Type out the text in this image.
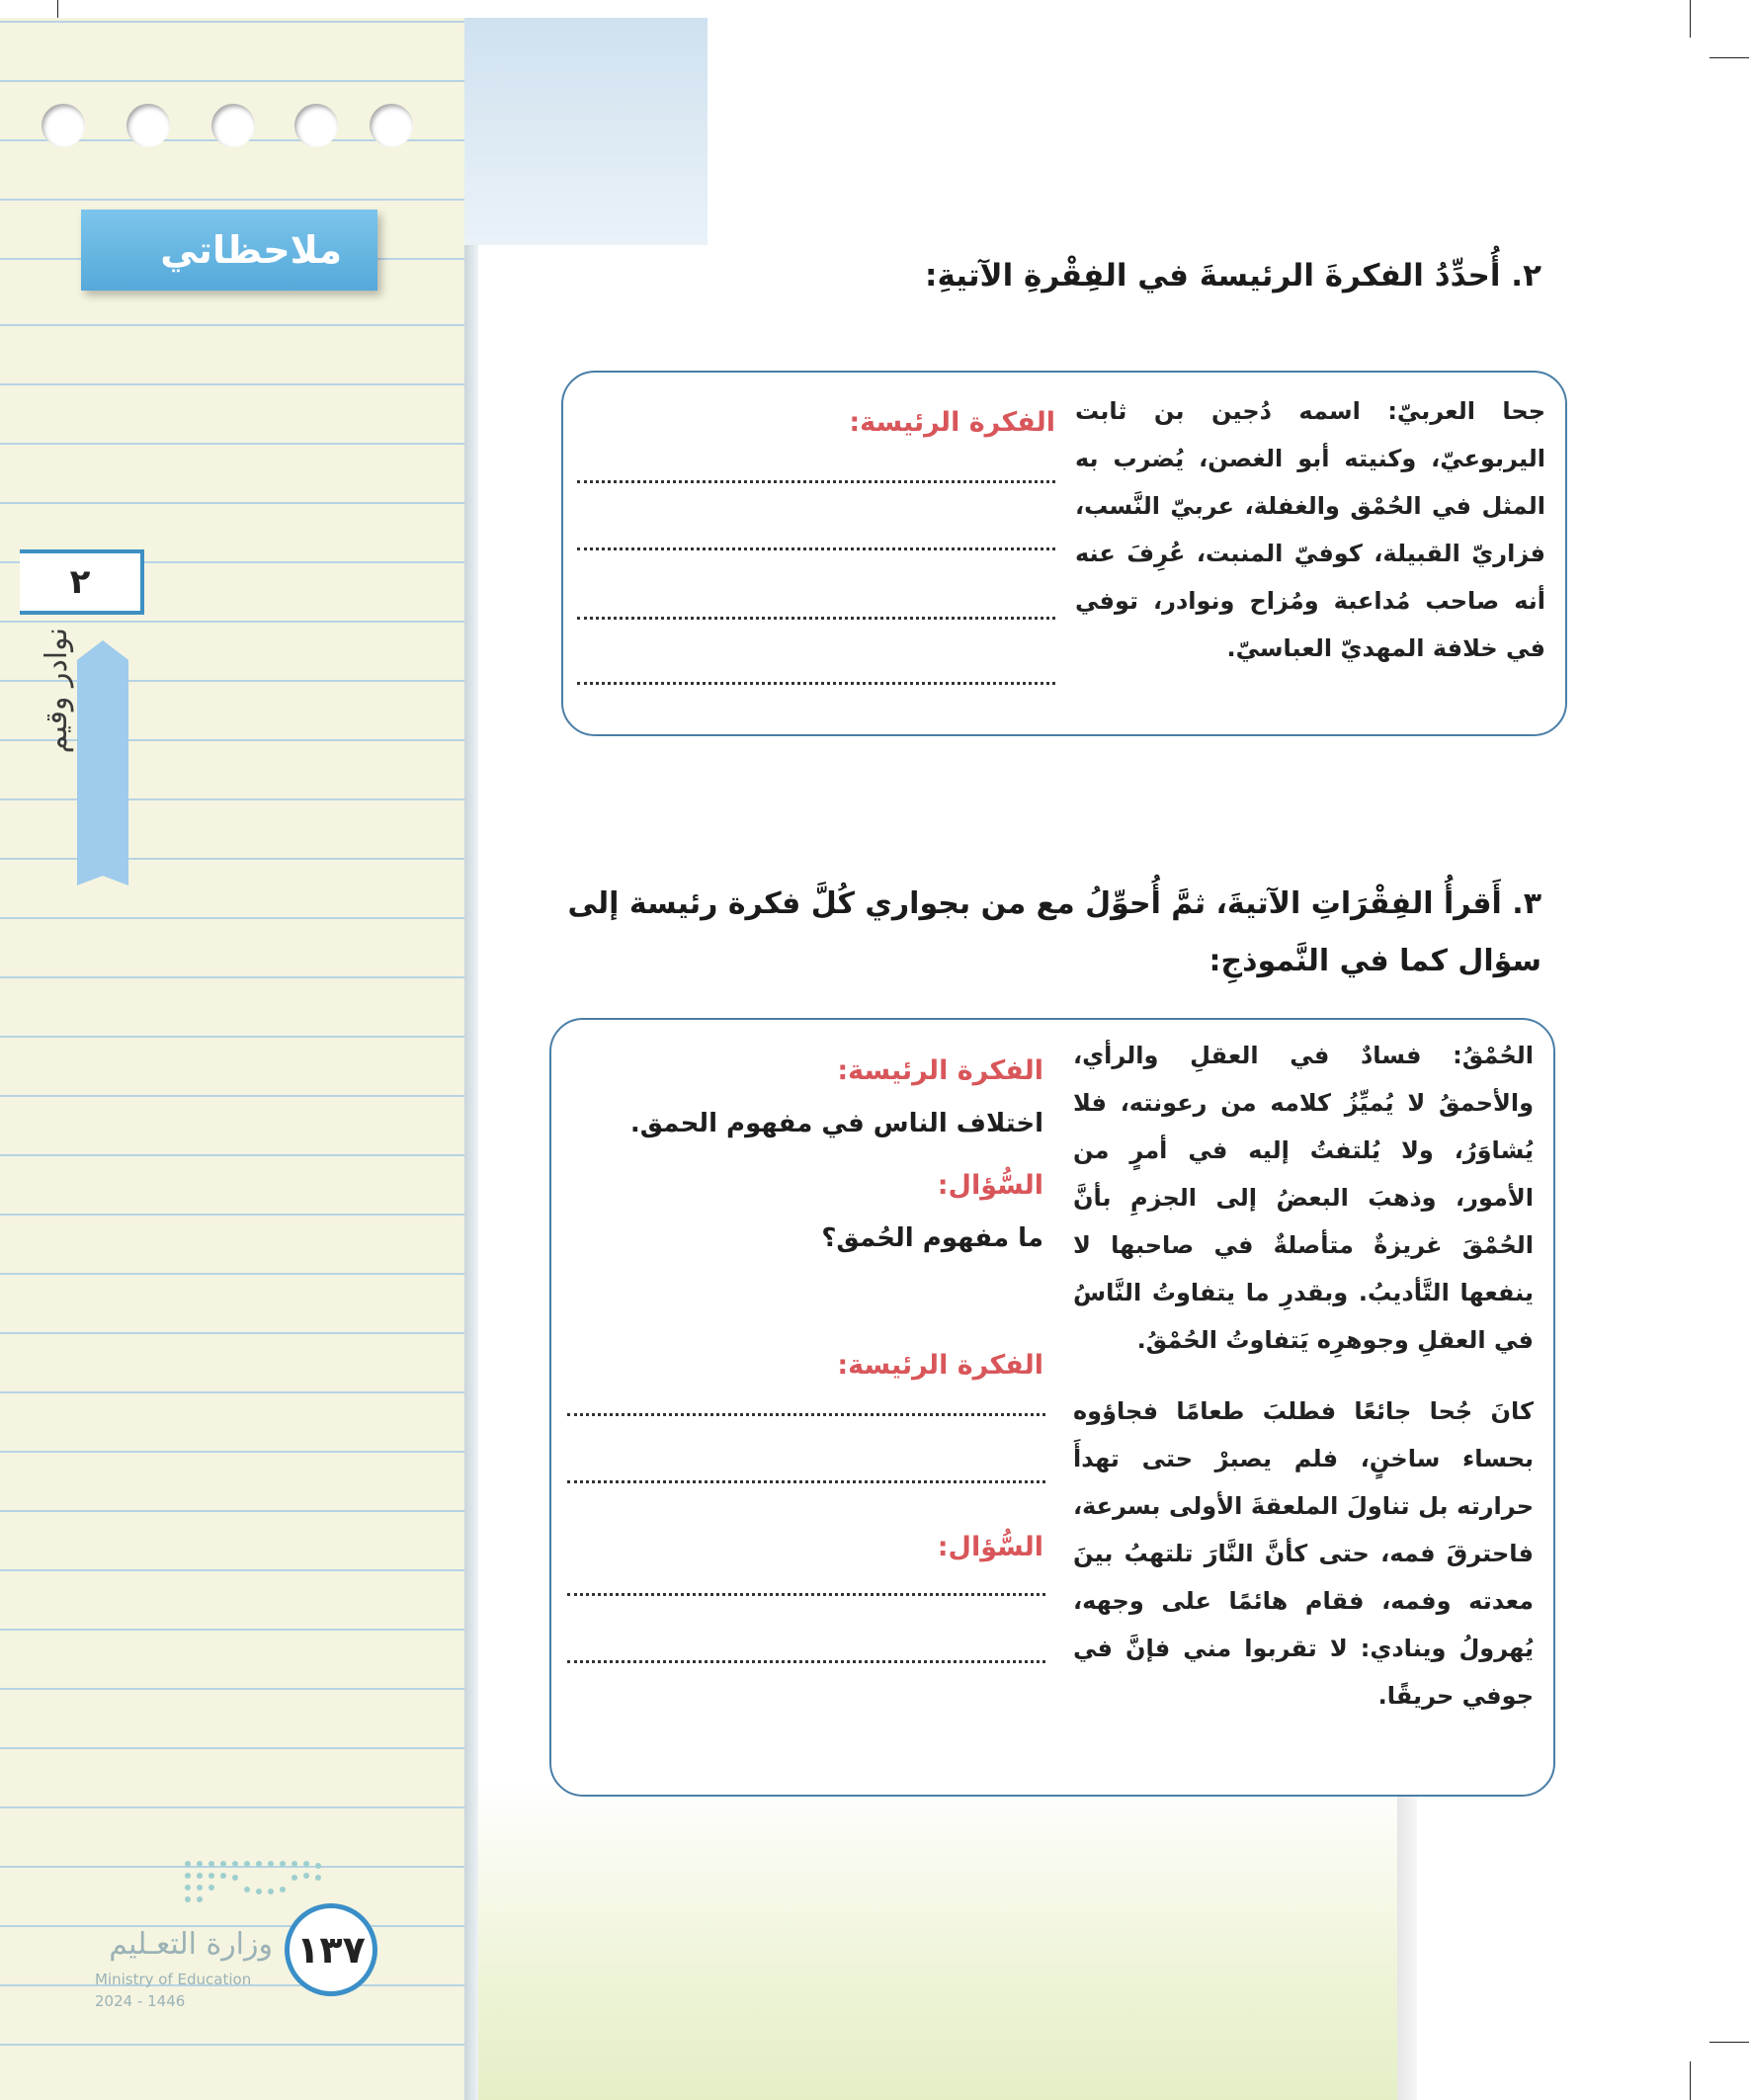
ملاحظاتي
٢
نوادر وقيم
٢. أُحدِّدُ الفكرةَ الرئيسةَ في الفِقْرةِ الآتيةِ:
جحا العربيّ: اسمه دُجين بن ثابت اليربوعيّ، وكنيته أبو الغصن، يُضرب به المثل في الحُمْق والغفلة، عربيّ النَّسب، فزاريّ القبيلة، كوفيّ المنبت، عُرِفَ عنه أنه صاحب مُداعبة ومُزاح ونوادر، توفي في خلافة المهديّ العباسيّ.
الفكرة الرئيسة:
٣. أَقرأُ الفِقْرَاتِ الآتيةَ، ثمَّ أُحوِّلُ مع من بجواري كُلَّ فكرة رئيسة إلى سؤال كما في النَّموذجِ:
الحُمْقُ: فسادٌ في العقلِ والرأي، والأحمقُ لا يُميِّزُ كلامه من رعونته، فلا يُشاوَرُ، ولا يُلتفتُ إليه في أمرٍ من الأمور، وذهبَ البعضُ إلى الجزمِ بأنَّ الحُمْقَ غريزةٌ متأصلةٌ في صاحبها لا ينفعها التَّأديبُ. وبقدرِ ما يتفاوتُ النَّاسُ في العقلِ وجوهرِه يَتفاوتُ الحُمْقُ.
كانَ جُحا جائعًا فطلبَ طعامًا فجاؤوه بحساء ساخنٍ، فلم يصبرْ حتى تهدأَ حرارته بل تناولَ الملعقةَ الأولى بسرعة، فاحترقَ فمه، حتى كأنَّ النَّارَ تلتهبُ بينَ معدته وفمه، فقام هائمًا على وجهه، يُهرولُ وينادي: لا تقربوا مني فإنَّ في جوفي حريقًا.
الفكرة الرئيسة:
اختلاف الناس في مفهوم الحمق.
السُّؤال:
ما مفهوم الحُمق؟
الفكرة الرئيسة:
السُّؤال:
١٣٧
وزارة التعـليم
Ministry of Education
2024 - 1446
